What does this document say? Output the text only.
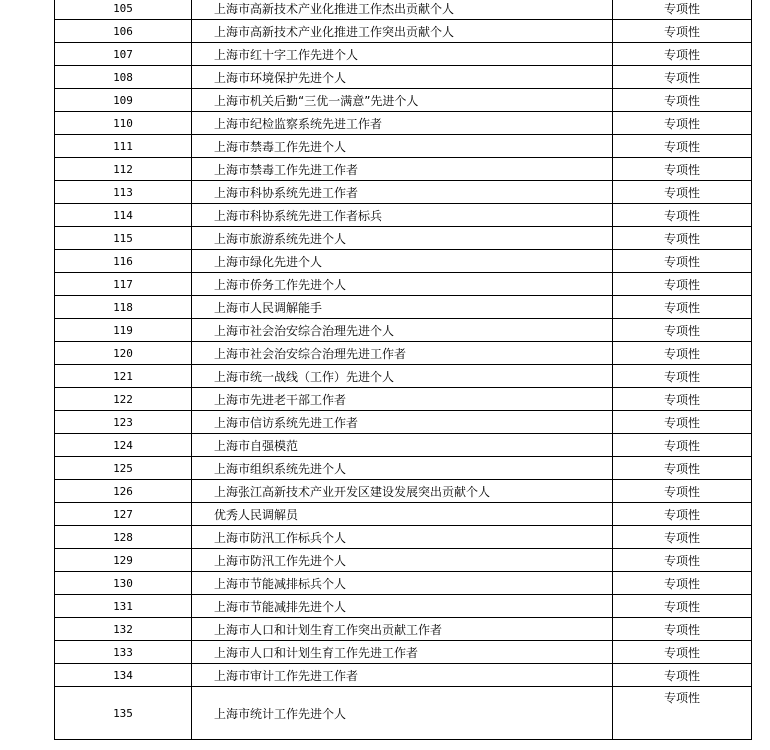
105	上海市高新技术产业化推进工作杰出贡献个人	专项性
106	上海市高新技术产业化推进工作突出贡献个人	专项性
107	上海市红十字工作先进个人	专项性
108	上海市环境保护先进个人	专项性
109	上海市机关后勤“三优一满意”先进个人	专项性
110	上海市纪检监察系统先进工作者	专项性
111	上海市禁毒工作先进个人	专项性
112	上海市禁毒工作先进工作者	专项性
113	上海市科协系统先进工作者	专项性
114	上海市科协系统先进工作者标兵	专项性
115	上海市旅游系统先进个人	专项性
116	上海市绿化先进个人	专项性
117	上海市侨务工作先进个人	专项性
118	上海市人民调解能手	专项性
119	上海市社会治安综合治理先进个人	专项性
120	上海市社会治安综合治理先进工作者	专项性
121	上海市统一战线（工作）先进个人	专项性
122	上海市先进老干部工作者	专项性
123	上海市信访系统先进工作者	专项性
124	上海市自强模范	专项性
125	上海市组织系统先进个人	专项性
126	上海张江高新技术产业开发区建设发展突出贡献个人	专项性
127	优秀人民调解员	专项性
128	上海市防汛工作标兵个人	专项性
129	上海市防汛工作先进个人	专项性
130	上海市节能减排标兵个人	专项性
131	上海市节能减排先进个人	专项性
132	上海市人口和计划生育工作突出贡献工作者	专项性
133	上海市人口和计划生育工作先进工作者	专项性
134	上海市审计工作先进工作者	专项性
135	上海市统计工作先进个人	专项性
